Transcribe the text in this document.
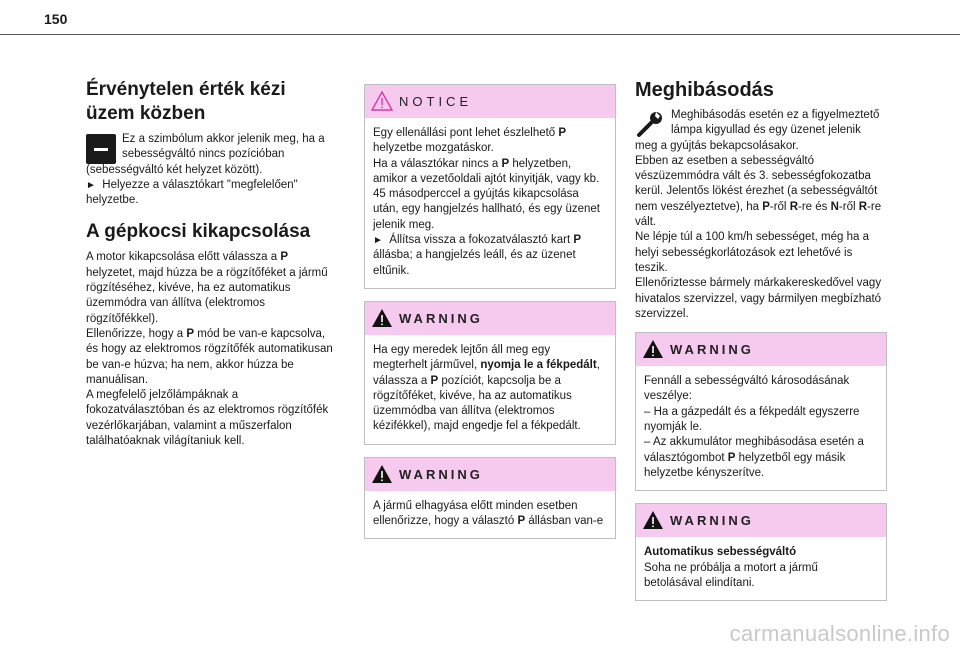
150
Érvénytelen érték kézi üzem közben

Ez a szimbólum akkor jelenik meg, ha a

sebességváltó nincs pozícióban

(sebességváltó két helyzet között).

► Helyezze a választókart "megfelelően" helyzetbe.

A gépkocsi kikapcsolása

A motor kikapcsolása előtt válassza a P helyzetet, majd húzza be a rögzítőféket a jármű rögzítéséhez, kivéve, ha ez automatikus üzemmódra van állítva (elektromos rögzítőfékkel).

Ellenőrizze, hogy a P mód be van-e kapcsolva, és hogy az elektromos rögzítőfék automatikusan be van-e húzva; ha nem, akkor húzza be manuálisan.

A megfelelő jelzőlámpáknak a fokozatválasztóban és az elektromos rögzítőfék vezérlőkarjában, valamint a műszerfalon találhatóaknak világítaniuk kell.

NOTICE

Egy ellenállási pont lehet észlelhető P helyzetbe mozgatáskor.

Ha a választókar nincs a P helyzetben, amikor a vezetőoldali ajtót kinyitják, vagy kb. 45 másodperccel a gyújtás kikapcsolása után, egy hangjelzés hallható, és egy üzenet jelenik meg.

► Állítsa vissza a fokozatválasztó kart P állásba; a hangjelzés leáll, és az üzenet eltűnik.

WARNING

Ha egy meredek lejtőn áll meg egy megterhelt járművel, nyomja le a fékpedált, válassza a P pozíciót, kapcsolja be a rögzítőféket, kivéve, ha az automatikus üzemmódba van állítva (elektromos kézifékkel), majd engedje fel a fékpedált.

WARNING

A jármű elhagyása előtt minden esetben ellenőrizze, hogy a választó P állásban van-e

Meghibásodás

Meghibásodás esetén ez a figyelmeztető

lámpa kigyullad és egy üzenet jelenik

meg a gyújtás bekapcsolásakor.

Ebben az esetben a sebességváltó vészüzemmódra vált és 3. sebességfokozatba kerül. Jelentős lökést érezhet (a sebességváltót nem veszélyeztetve), ha P-ről R-re és N-ről R-re vált.

Ne lépje túl a 100 km/h sebességet, még ha a helyi sebességkorlátozások ezt lehetővé is teszik.

Ellenőriztesse bármely márkakereskedővel vagy hivatalos szervizzel, vagy bármilyen megbízható szervizzel.

WARNING

Fennáll a sebességváltó károsodásának veszélye:

– Ha a gázpedált és a fékpedált egyszerre nyomják le.

– Az akkumulátor meghibásodása esetén a választógombot P helyzetből egy másik helyzetbe kényszerítve.

WARNING

Automatikus sebességváltó

Soha ne próbálja a motort a jármű betolásával elindítani.

carmanualsonline.info
